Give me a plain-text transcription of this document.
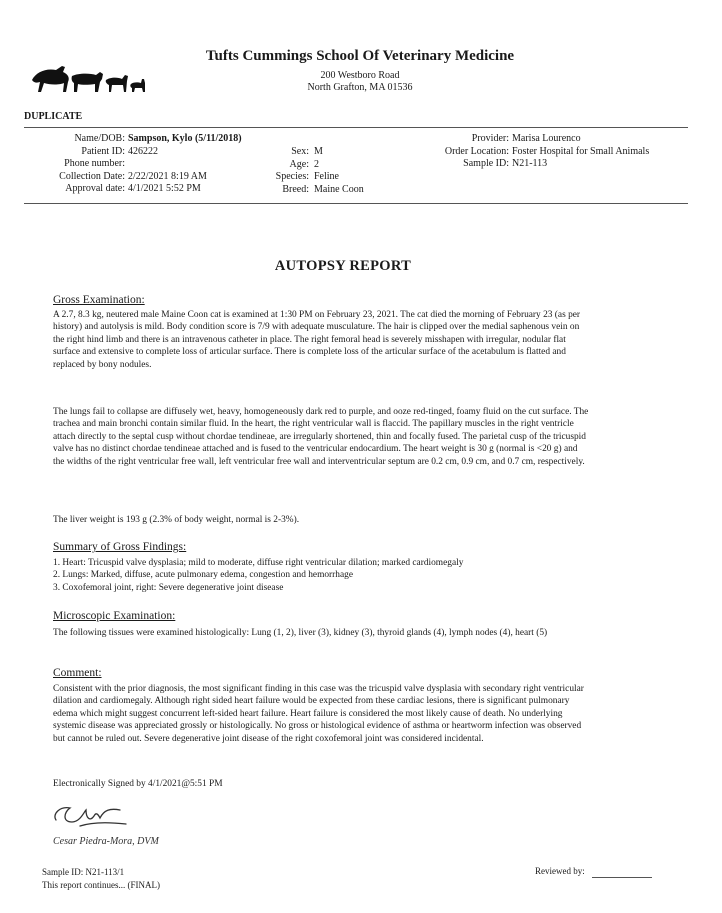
Tufts Cummings School Of Veterinary Medicine
200 Westboro Road
North Grafton, MA 01536
DUPLICATE
Name/DOB:
Patient ID:
Phone number:
Collection Date:
Approval date:
Sampson, Kylo (5/11/2018)
426222
2/22/2021 8:19 AM
4/1/2021 5:52 PM
Sex:
Age:
Species:
Breed:
M
2
Feline
Maine Coon
Provider:
Order Location:
Sample ID:
Marisa Lourenco
Foster Hospital for Small Animals
N21-113
AUTOPSY REPORT
Gross Examination:
A 2.7, 8.3 kg, neutered male Maine Coon cat is examined at 1:30 PM on February 23, 2021. The cat died the morning of February 23 (as per history) and autolysis is mild. Body condition score is 7/9 with adequate musculature. The hair is clipped over the medial saphenous vein on the right hind limb and there is an intravenous catheter in place. The right femoral head is severely misshapen with irregular, nodular flat surface and extensive to complete loss of articular surface. There is complete loss of the articular surface of the acetabulum is flatted and replaced by bony nodules.
The lungs fail to collapse are diffusely wet, heavy, homogeneously dark red to purple, and ooze red-tinged, foamy fluid on the cut surface. The trachea and main bronchi contain similar fluid. In the heart, the right ventricular wall is flaccid. The papillary muscles in the right ventricle attach directly to the septal cusp without chordae tendineae, are irregularly shortened, thin and focally fused. The parietal cusp of the tricuspid valve has no distinct chordae tendineae attached and is fused to the ventricular endocardium. The heart weight is 30 g (normal is <20 g) and the widths of the right ventricular free wall, left ventricular free wall and interventricular septum are 0.2 cm, 0.9 cm, and 0.7 cm, respectively.
The liver weight is 193 g (2.3% of body weight, normal is 2-3%).
Summary of Gross Findings:
1. Heart: Tricuspid valve dysplasia; mild to moderate, diffuse right ventricular dilation; marked cardiomegaly
2. Lungs: Marked, diffuse, acute pulmonary edema, congestion and hemorrhage
3. Coxofemoral joint, right: Severe degenerative joint disease
Microscopic Examination:
The following tissues were examined histologically: Lung (1, 2), liver (3), kidney (3), thyroid glands (4), lymph nodes (4), heart (5)
Comment:
Consistent with the prior diagnosis, the most significant finding in this case was the tricuspid valve dysplasia with secondary right ventricular dilation and cardiomegaly. Although right sided heart failure would be expected from these cardiac lesions, there is significant pulmonary edema which might suggest concurrent left-sided heart failure. Heart failure is considered the most likely cause of death. No underlying systemic disease was appreciated grossly or histologically. No gross or histological evidence of asthma or heartworm infection was observed but cannot be ruled out. Severe degenerative joint disease of the right coxofemoral joint was considered incidental.
Electronically Signed by 4/1/2021@5:51 PM
Cesar Piedra-Mora, DVM
Sample ID: N21-113/1
This report continues... (FINAL)
Reviewed by:
